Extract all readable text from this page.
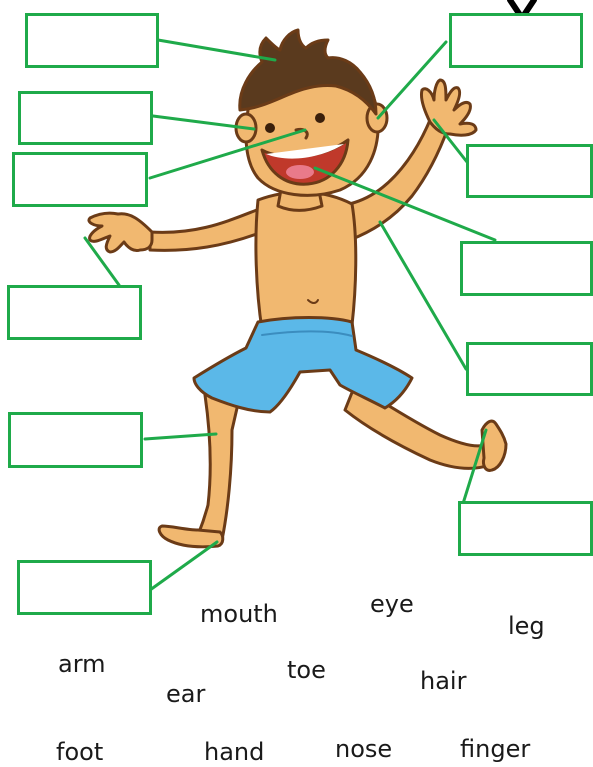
mouth	eye
leg
arm	toe	hair
ear
foot	hand	nose	finger
